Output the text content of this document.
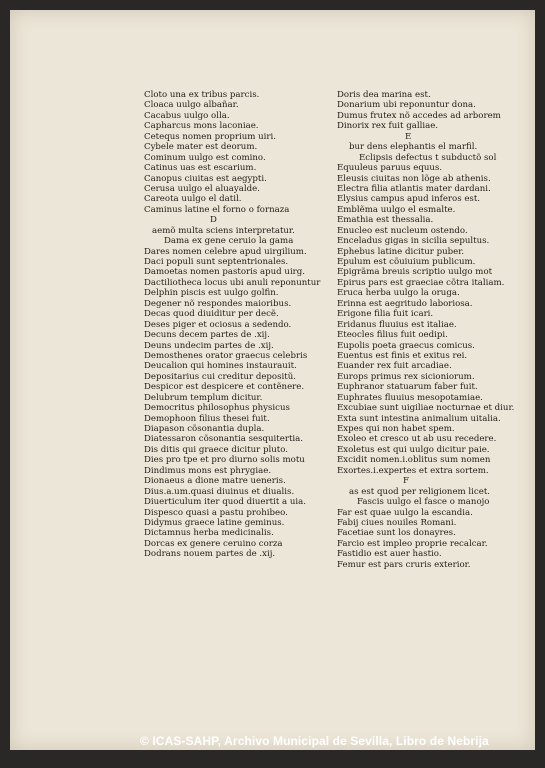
Cloto una ex tribus parcis.
Cloaca uulgo albañar.
Cacabus uulgo olla.
Capharcus mons laconiae.
Cetequs nomen proprium uiri.
Cybele mater est deorum.
Cominum uulgo est comino.
Catinus uas est escarium.
Canopus ciuitas est aegypti.
Cerusa uulgo el aluayalde.
Careota uulgo el datil.
Caminus latine el forno o fornaza
D
aemõ multa sciens interpretatur.
Dama ex gene ceruio la gama
Dares nomen celebre apud uirgilium.
Daci populi sunt septentrionales.
Damoetas nomen pastoris apud uirg.
Dactiliotheca locus ubi anuli reponuntur
Delphin piscis est uulgo golfin.
Degener nõ respondes maioribus.
Decas quod diuiditur per decẽ.
Deses piger et ociosus a sedendo.
Decuns decem partes de .xij.
Deuns undecim partes de .xij.
Demosthenes orator graecus celebris
Deucalion qui homines instaurauit.
Depositarius cui creditur depositũ.
Despicor est despicere et contẽnere.
Delubrum templum dicitur.
Democritus philosophus physicus
Demophoon filius thesei fuit.
Diapason cõsonantia dupla.
Diatessaron cõsonantia sesquitertia.
Dis ditis qui graece dicitur pluto.
Dies pro tpe et pro diurno solis motu
Dindimus mons est phrygiae.
Dionaeus a dione matre ueneris.
Dius.a.um.quasi diuinus et diualis.
Diuerticulum iter quod diuertit a uia.
Dispesco quasi a pastu prohibeo.
Didymus graece latine geminus.
Dictamnus herba medicinalis.
Dorcas ex genere ceruino corza
Dodrans nouem partes de .xij.
Doris dea marina est.
Donarium ubi reponuntur dona.
Dumus frutex nõ accedes ad arborem
Dinorix rex fuit galliae.
E
bur dens elephantis el marfil.
Eclipsis defectus t subductõ sol
Equuleus paruus equus.
Eleusis ciuitas non lõge ab athenis.
Electra filia atlantis mater dardani.
Elysius campus apud inferos est.
Emblẽma uulgo el esmalte.
Emathia est thessalia.
Enucleo est nucleum ostendo.
Enceladus gigas in sicilia sepultus.
Ephebus latine dicitur puber.
Epulum est cõuiuium publicum.
Epigrãma breuis scriptio uulgo mot
Epirus pars est graeciae cõtra italiam.
Eruca herba uulgo la oruga.
Erinna est aegritudo laboriosa.
Erigone filia fuit icari.
Eridanus fluuius est italiae.
Eteocles filius fuit oedipi.
Eupolis poeta graecus comicus.
Euentus est finis et exitus rei.
Euander rex fuit arcadiae.
Europs primus rex sicioniorum.
Euphranor statuarum faber fuit.
Euphrates fluuius mesopotamiae.
Excubiae sunt uigiliae nocturnae et diur.
Exta sunt intestina animalium uitalia.
Expes qui non habet spem.
Exoleo et cresco ut ab usu recedere.
Exoletus est qui uulgo dicitur paie.
Excidit nomen.i.oblitus sum nomen
Exortes.i.expertes et extra sortem.
F
as est quod per religionem licet.
Fascis uulgo el fasce o manojo
Far est quae uulgo la escandia.
Fabij ciues nouiles Romani.
Facetiae sunt los donayres.
Farcio est impleo proprie recalcar.
Fastidio est auer hastio.
Femur est pars cruris exterior.
© ICAS-SAHP, Archivo Municipal de Sevilla, Libro de Nebrija
